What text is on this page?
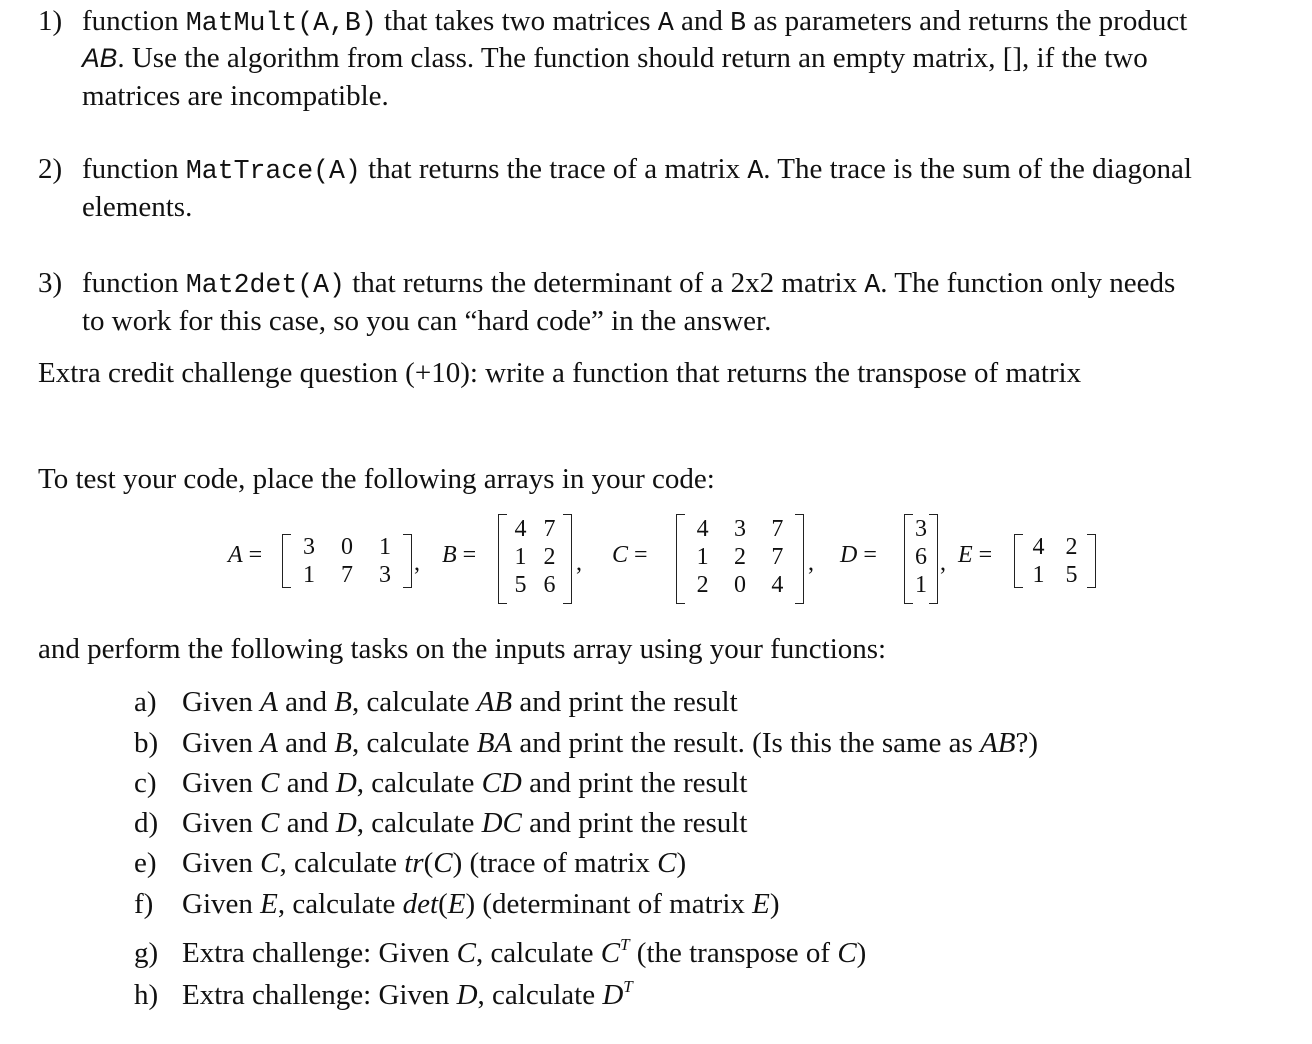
1) function MatMult(A,B) that takes two matrices A and B as parameters and returns the product
AB. Use the algorithm from class. The function should return an empty matrix, [], if the two
matrices are incompatible.
2) function MatTrace(A) that returns the trace of a matrix A. The trace is the sum of the diagonal
elements.
3) function Mat2det(A) that returns the determinant of a 2x2 matrix A. The function only needs
to work for this case, so you can “hard code” in the answer.
Extra credit challenge question (+10): write a function that returns the transpose of matrix
To test your code, place the following arrays in your code:
A = 3	0	1
1	7	3 , B =
4	7
1	2
5	6
, C =
4	3	7
1	2	7
2	0	4
, D =
3
6
1
, E = 4	2
1	5
and perform the following tasks on the inputs array using your functions:
a) Given A and B, calculate AB and print the result
b) Given A and B, calculate BA and print the result. (Is this the same as AB?)
c) Given C and D, calculate CD and print the result
d) Given C and D, calculate DC and print the result
e) Given C, calculate tr(C) (trace of matrix C)
f) Given E, calculate det(E) (determinant of matrix E)
g) Extra challenge: Given C, calculate $C^T$ (the transpose of C)
h) Extra challenge: Given D, calculate $D^T$
